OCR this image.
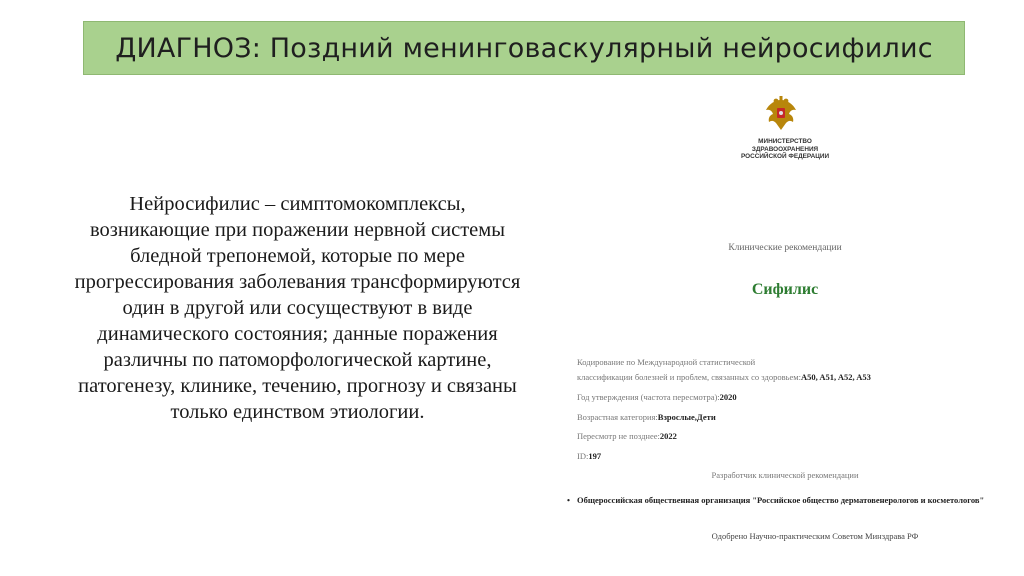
ДИАГНОЗ: Поздний менинговаскулярный нейросифилис
Нейросифилис – симптомокомплексы,
возникающие при поражении нервной системы
бледной трепонемой, которые по мере
прогрессирования заболевания трансформируются
один в другой или сосуществуют в виде
динамического состояния; данные поражения
различны по патоморфологической картине,
патогенезу, клинике, течению, прогнозу и связаны
только единством этиологии.
МИНИСТЕРСТВО
ЗДРАВООХРАНЕНИЯ
РОССИЙСКОЙ ФЕДЕРАЦИИ
Клинические рекомендации
Сифилис
Кодирование по Международной статистической
классификации болезней и проблем, связанных со здоровьем:A50, A51, A52, A53
Год утверждения (частота пересмотра):2020
Возрастная категория:Взрослые,Дети
Пересмотр не позднее:2022
ID:197
Разработчик клинической рекомендации
• Общероссийская общественная организация "Российское общество дерматовенерологов и косметологов"
Одобрено Научно-практическим Советом Минздрава РФ
